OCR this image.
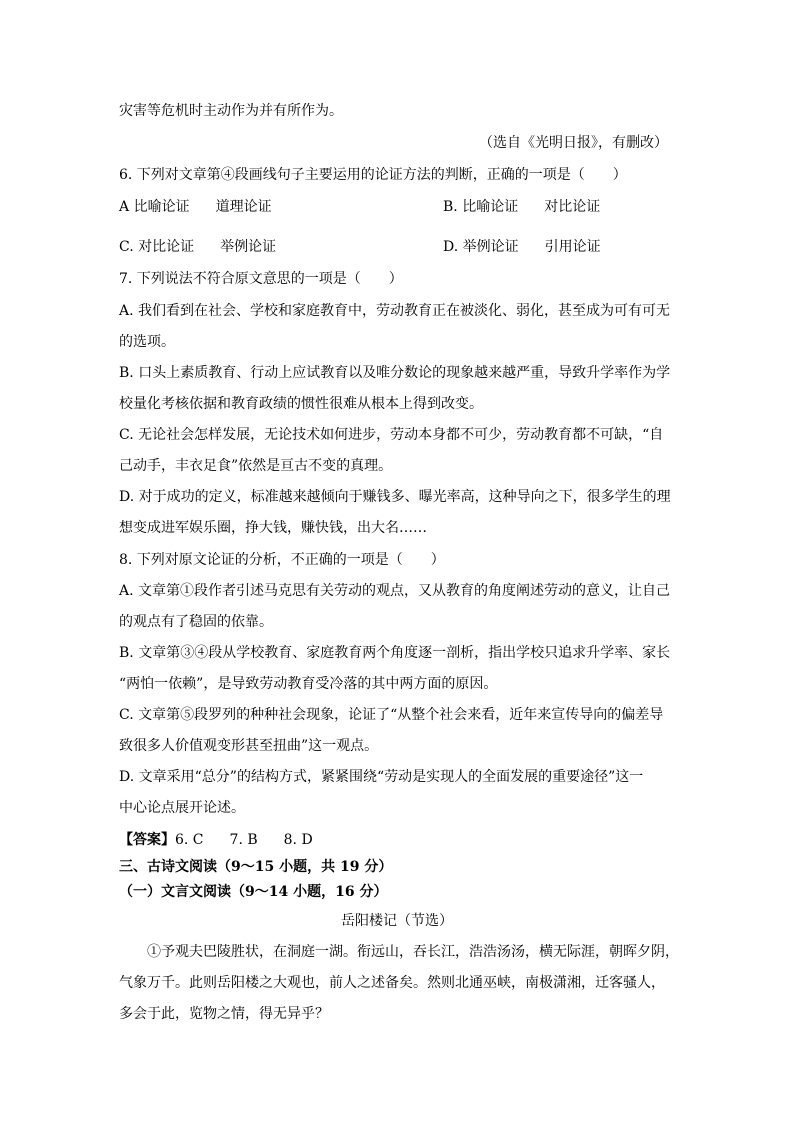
灾害等危机时主动作为并有所作为。
（选自《光明日报》，有删改）
6. 下列对文章第④段画线句子主要运用的论证方法的判断，正确的一项是（　　）
A 比喻论证 道理论证	B. 比喻论证 对比论证
C. 对比论证 举例论证	D. 举例论证 引用论证
7. 下列说法不符合原文意思的一项是（　　）
A. 我们看到在社会、学校和家庭教育中，劳动教育正在被淡化、弱化，甚至成为可有可无
的选项。
B. 口头上素质教育、行动上应试教育以及唯分数论的现象越来越严重，导致升学率作为学
校量化考核依据和教育政绩的惯性很难从根本上得到改变。
C. 无论社会怎样发展，无论技术如何进步，劳动本身都不可少，劳动教育都不可缺，“自
己动手，丰衣足食”依然是亘古不变的真理。
D. 对于成功的定义，标准越来越倾向于赚钱多、曝光率高，这种导向之下，很多学生的理
想变成进军娱乐圈，挣大钱，赚快钱，出大名……
8. 下列对原文论证的分析，不正确的一项是（　　）
A. 文章第①段作者引述马克思有关劳动的观点，又从教育的角度阐述劳动的意义，让自己
的观点有了稳固的依靠。
B. 文章第③④段从学校教育、家庭教育两个角度逐一剖析，指出学校只追求升学率、家长
“两怕一依赖”，是导致劳动教育受冷落的其中两方面的原因。
C. 文章第⑤段罗列的种种社会现象，论证了“从整个社会来看，近年来宣传导向的偏差导
致很多人价值观变形甚至扭曲”这一观点。
D. 文章采用“总分”的结构方式，紧紧围绕“劳动是实现人的全面发展的重要途径”这一
中心论点展开论述。
【答案】6. C 7. B 8. D
三、古诗文阅读（9～15 小题，共 19 分）
（一）文言文阅读（9～14 小题，16 分）
岳阳楼记（节选）
①予观夫巴陵胜状，在洞庭一湖。衔远山，吞长江，浩浩汤汤，横无际涯，朝晖夕阴，
气象万千。此则岳阳楼之大观也，前人之述备矣。然则北通巫峡，南极潇湘，迁客骚人，
多会于此，览物之情，得无异乎？
